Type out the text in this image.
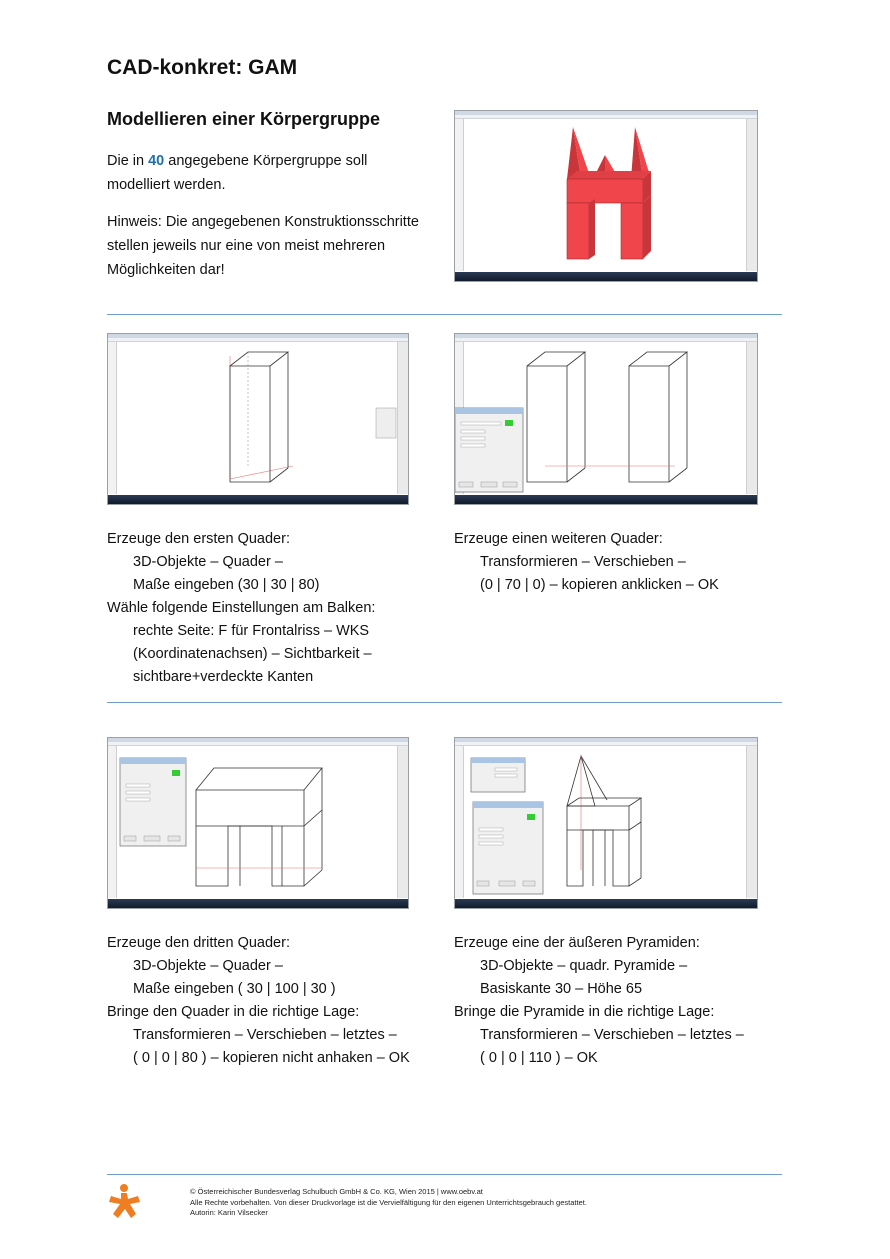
CAD-konkret: GAM
Modellieren einer Körpergruppe
Die in 40 angegebene Körpergruppe soll
modelliert werden.
Hinweis: Die angegebenen Konstruktionsschritte
stellen jeweils nur eine von meist mehreren
Möglichkeiten dar!
Erzeuge den ersten Quader:
3D-Objekte – Quader –
Maße eingeben (30 | 30 | 80)
Wähle folgende Einstellungen am Balken:
rechte Seite: F für Frontalriss – WKS
(Koordinatenachsen) – Sichtbarkeit –
sichtbare+verdeckte Kanten
Erzeuge einen weiteren Quader:
Transformieren – Verschieben –
(0 | 70 | 0) – kopieren anklicken – OK
Erzeuge den dritten Quader:
3D-Objekte – Quader –
Maße eingeben ( 30 | 100 | 30 )
Bringe den Quader in die richtige Lage:
Transformieren – Verschieben – letztes –
( 0 | 0 | 80 ) – kopieren nicht anhaken – OK
Erzeuge eine der äußeren Pyramiden:
3D-Objekte – quadr. Pyramide –
Basiskante 30 – Höhe 65
Bringe die Pyramide in die richtige Lage:
Transformieren – Verschieben – letztes –
( 0 | 0 | 110 ) – OK
© Österreichischer Bundesverlag Schulbuch GmbH & Co. KG, Wien 2015 | www.oebv.at
Alle Rechte vorbehalten. Von dieser Druckvorlage ist die Vervielfältigung für den eigenen Unterrichtsgebrauch gestattet.
Autorin: Karin Vilsecker
